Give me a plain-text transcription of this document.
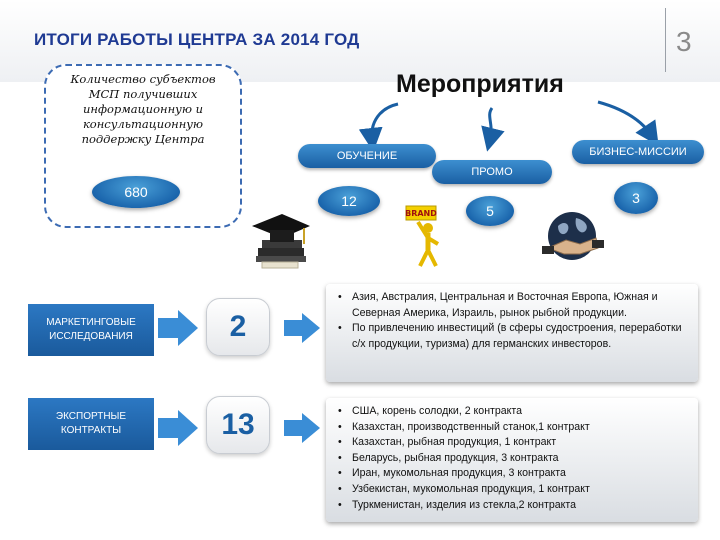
ИТОГИ РАБОТЫ ЦЕНТРА ЗА 2014 ГОД	3
Количество субъектов МСП получивших информационную и консультационную поддержку Центра
680
Мероприятия
ОБУЧЕНИЕ
ПРОМО
БИЗНЕС-МИССИИ
12
5
3
BRAND
МАРКЕТИНГОВЫЕ ИССЛЕДОВАНИЯ	2
• Азия, Австралия, Центральная и Восточная Европа, Южная и Северная Америка, Израиль, рынок рыбной продукции.
• По привлечению инвестиций (в сферы судостроения, переработки с/х продукции, туризма) для германских инвесторов.
ЭКСПОРТНЫЕ КОНТРАКТЫ	13
•	США, корень солодки, 2 контракта
• Казахстан, производственный станок,1 контракт
• Казахстан, рыбная продукция, 1 контракт
• Беларусь, рыбная продукция, 3 контракта
• Иран, мукомольная продукция, 3 контракта
• Узбекистан, мукомольная продукция, 1 контракт
• Туркменистан, изделия из стекла,2 контракта
